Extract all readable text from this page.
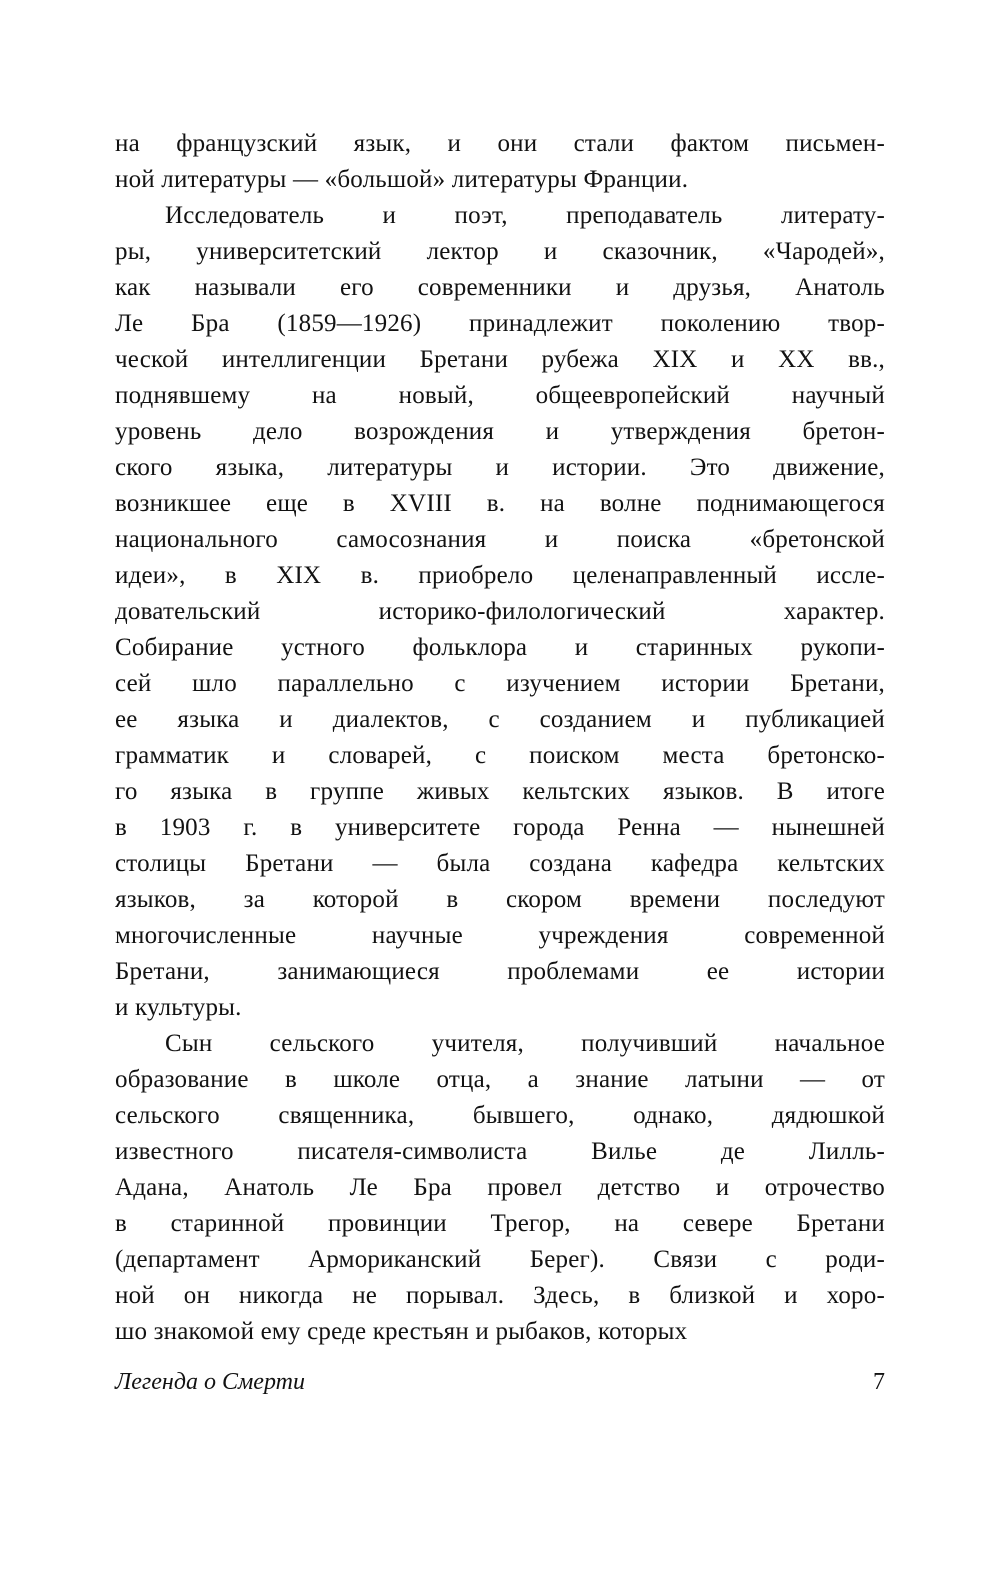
на французский язык, и они стали фактом письмен-
ной литературы — «большой» литературы Франции.
Исследователь и поэт, преподаватель литерату-
ры, университетский лектор и сказочник, «Чародей»,
как называли его современники и друзья, Анатоль
Ле Бра (1859—1926) принадлежит поколению твор-
ческой интеллигенции Бретани рубежа XIX и XX вв.,
поднявшему на новый, общеевропейский научный
уровень дело возрождения и утверждения бретон-
ского языка, литературы и истории. Это движение,
возникшее еще в XVIII в. на волне поднимающегося
национального самосознания и поиска «бретонской
идеи», в XIX в. приобрело целенаправленный иссле-
довательский историко-филологический характер.
Собирание устного фольклора и старинных рукопи-
сей шло параллельно с изучением истории Бретани,
ее языка и диалектов, с созданием и публикацией
грамматик и словарей, с поиском места бретонско-
го языка в группе живых кельтских языков. В итоге
в 1903 г. в университете города Ренна — нынешней
столицы Бретани — была создана кафедра кельтских
языков, за которой в скором времени последуют
многочисленные научные учреждения современной
Бретани, занимающиеся проблемами ее истории
и культуры.
Сын сельского учителя, получивший начальное
образование в школе отца, а знание латыни — от
сельского священника, бывшего, однако, дядюшкой
известного писателя-символиста Вилье де Лилль-
Адана, Анатоль Ле Бра провел детство и отрочество
в старинной провинции Трегор, на севере Бретани
(департамент Армориканский Берег). Связи с роди-
ной он никогда не порывал. Здесь, в близкой и хоро-
шо знакомой ему среде крестьян и рыбаков, которых
Легенда о Смерти	7
